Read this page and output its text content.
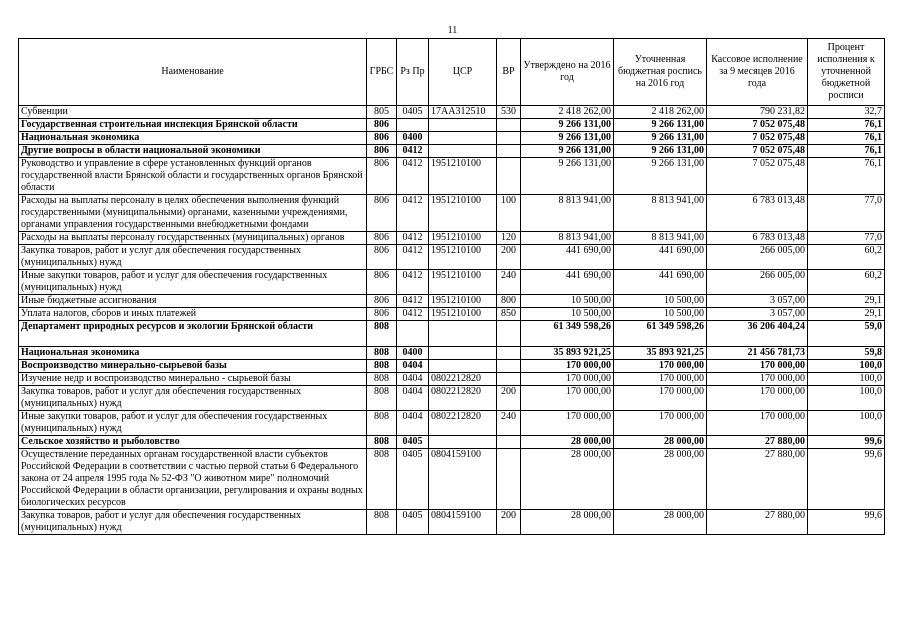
11
Наименование	ГРБС	Рз Пр	ЦСР	ВР	Утверждено на 2016 год	Уточненная бюджетная роспись на 2016 год	Кассовое исполнение за 9 месяцев 2016 года	Процент исполнения к уточненной бюджетной росписи
Субвенции	805	0405	17АА312510	530	2 418 262,00	2 418 262,00	790 231,82	32,7
Государственная строительная инспекция Брянской области	806				9 266 131,00	9 266 131,00	7 052 075,48	76,1
Национальная экономика	806	0400			9 266 131,00	9 266 131,00	7 052 075,48	76,1
Другие вопросы в области национальной экономики	806	0412			9 266 131,00	9 266 131,00	7 052 075,48	76,1
Руководство и управление в сфере установленных функций органов государственной власти Брянской области и государственных органов Брянской области	806	0412	1951210100		9 266 131,00	9 266 131,00	7 052 075,48	76,1
Расходы на выплаты персоналу в целях обеспечения выполнения функций государственными (муниципальными) органами, казенными учреждениями, органами управления государственными внебюджетными фондами	806	0412	1951210100	100	8 813 941,00	8 813 941,00	6 783 013,48	77,0
Расходы на выплаты персоналу государственных (муниципальных) органов	806	0412	1951210100	120	8 813 941,00	8 813 941,00	6 783 013,48	77,0
Закупка товаров, работ и услуг для обеспечения государственных (муниципальных) нужд	806	0412	1951210100	200	441 690,00	441 690,00	266 005,00	60,2
Иные закупки товаров, работ и услуг для обеспечения государственных (муниципальных) нужд	806	0412	1951210100	240	441 690,00	441 690,00	266 005,00	60,2
Иные бюджетные ассигнования	806	0412	1951210100	800	10 500,00	10 500,00	3 057,00	29,1
Уплата налогов, сборов и иных платежей	806	0412	1951210100	850	10 500,00	10 500,00	3 057,00	29,1
Департамент природных ресурсов и экологии Брянской области	808				61 349 598,26	61 349 598,26	36 206 404,24	59,0
Национальная экономика	808	0400			35 893 921,25	35 893 921,25	21 456 781,73	59,8
Воспроизводство минерально-сырьевой базы	808	0404			170 000,00	170 000,00	170 000,00	100,0
Изучение недр и воспроизводство минерально - сырьевой базы	808	0404	0802212820		170 000,00	170 000,00	170 000,00	100,0
Закупка товаров, работ и услуг для обеспечения государственных (муниципальных) нужд	808	0404	0802212820	200	170 000,00	170 000,00	170 000,00	100,0
Иные закупки товаров, работ и услуг для обеспечения государственных (муниципальных) нужд	808	0404	0802212820	240	170 000,00	170 000,00	170 000,00	100,0
Сельское хозяйство и рыболовство	808	0405			28 000,00	28 000,00	27 880,00	99,6
Осуществление переданных органам государственной власти субъектов Российской Федерации в соответствии с частью первой статьи 6 Федерального закона от 24 апреля 1995 года № 52-ФЗ "О животном мире" полномочий Российской Федерации в области организации, регулирования и охраны водных биологических ресурсов	808	0405	0804159100		28 000,00	28 000,00	27 880,00	99,6
Закупка товаров, работ и услуг для обеспечения государственных (муниципальных) нужд	808	0405	0804159100	200	28 000,00	28 000,00	27 880,00	99,6
